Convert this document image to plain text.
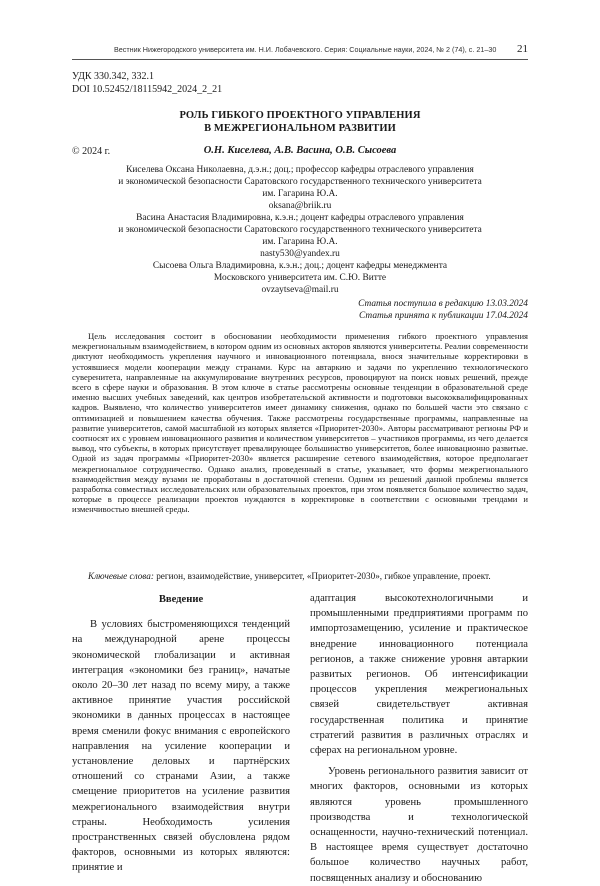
Вестник Нижегородского университета им. Н.И. Лобачевского. Серия: Социальные науки, 2024, № 2 (74), с. 21–30 21
УДК 330.342, 332.1
DOI 10.52452/18115942_2024_2_21
РОЛЬ ГИБКОГО ПРОЕКТНОГО УПРАВЛЕНИЯ
В МЕЖРЕГИОНАЛЬНОМ РАЗВИТИИ
© 2024 г.	О.Н. Киселева, А.В. Васина, О.В. Сысоева
Киселева Оксана Николаевна, д.э.н.; доц.; профессор кафедры отраслевого управления
и экономической безопасности Саратовского государственного технического университета
им. Гагарина Ю.А.
oksana@briik.ru
Васина Анастасия Владимировна, к.э.н.; доцент кафедры отраслевого управления
и экономической безопасности Саратовского государственного технического университета
им. Гагарина Ю.А.
nasty530@yandex.ru
Сысоева Ольга Владимировна, к.э.н.; доц.; доцент кафедры менеджмента
Московского университета им. С.Ю. Витте
ovzaytseva@mail.ru
Статья поступила в редакцию 13.03.2024
Статья принята к публикации 17.04.2024

Цель исследования состоит в обосновании необходимости применения гибкого проектного управления межрегиональным взаимодействием, в котором одним из основных акторов являются университеты. Реалии современности диктуют необходимость укрепления научного и инновационного потенциала, внося значительные корректировки в устоявшиеся модели кооперации между странами. Курс на автаркию и задачи по укреплению технологического суверенитета, направленные на аккумулирование внутренних ресурсов, провоцируют на поиск новых решений, прежде всего в сфере науки и образования. В этом ключе в статье рассмотрены основные тенденции в образовательной среде именно высших учебных заведений, как центров изобретательской активности и подготовки высококвалифицированных кадров. Выявлено, что количество университетов имеет динамику снижения, однако по большей части это связано с оптимизацией и повышением качества обучения. Также рассмотрены государственные программы, направленные на развитие университетов, самой масштабной из которых является «Приоритет-2030». Авторы рассматривают регионы РФ и соотносят их с уровнем инновационного развития и количеством университетов – участников программы, из чего делается вывод, что субъекты, в которых присутствует превалирующее большинство университетов, более инновационно развитые. Одной из задач программы «Приоритет-2030» является расширение сетевого взаимодействия, которое предполагает межрегиональное сотрудничество. Однако анализ, проведенный в статье, указывает, что формы межрегионального взаимодействия между вузами не проработаны в достаточной степени. Одним из решений данной проблемы является разработка совместных исследовательских или образовательных проектов, при этом появляется большое количество задач, которые в процессе реализации проектов нуждаются в корректировке в соответствии с основными трендами и изменчивостью внешней среды.

Ключевые слова: регион, взаимодействие, университет, «Приоритет-2030», гибкое управление, проект.
Введение

В условиях быстроменяющихся тенденций на международной арене процессы экономической глобализации и активная интеграция «экономики без границ», начатые около 20–30 лет назад по всему миру, а также активное принятие участия российской экономики в данных процессах в настоящее время сменили фокус внимания с европейского направления на усиление кооперации и установление деловых и партнёрских отношений со странами Азии, а также смещение приоритетов на усиление развития межрегионального взаимодействия внутри страны. Необходимость усиления пространственных связей обусловлена рядом факторов, основными из которых являются: принятие и

адаптация высокотехнологичными и промышленными предприятиями программ по импортозамещению, усиление и практическое внедрение инновационного потенциала регионов, а также снижение уровня автаркии развитых регионов. Об интенсификации процессов укрепления межрегиональных связей свидетельствует активная государственная политика и принятие стратегий развития в различных отраслях и сферах на региональном уровне.

Уровень регионального развития зависит от многих факторов, основными из которых являются уровень промышленного производства и технологической оснащенности, научно-технический потенциал. В настоящее время существует достаточно большое количество научных работ, посвященных анализу и обоснованию
